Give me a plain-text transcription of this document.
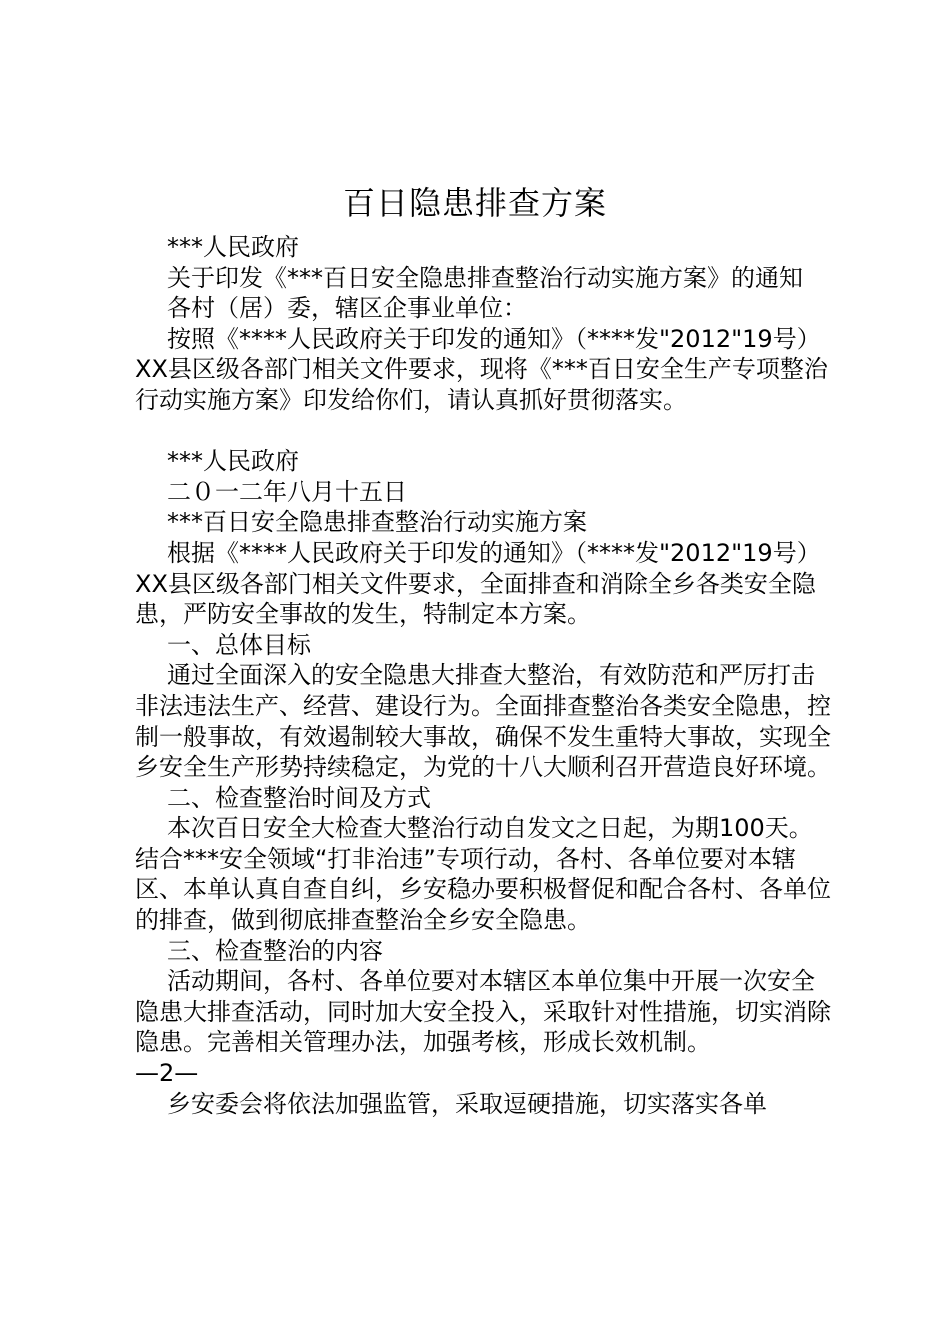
百日隐患排查方案

***人民政府

关于印发《***百日安全隐患排查整治行动实施方案》的通知

各村（居）委，辖区企事业单位：

按照《****人民政府关于印发的通知》（****发"2012"19号）XX县区级各部门相关文件要求，现将《***百日安全生产专项整治行动实施方案》印发给你们，请认真抓好贯彻落实。

***人民政府

二０一二年八月十五日

***百日安全隐患排查整治行动实施方案

根据《****人民政府关于印发的通知》（****发"2012"19号）XX县区级各部门相关文件要求，全面排查和消除全乡各类安全隐患，严防安全事故的发生，特制定本方案。

一、总体目标

通过全面深入的安全隐患大排查大整治，有效防范和严厉打击非法违法生产、经营、建设行为。全面排查整治各类安全隐患，控制一般事故，有效遏制较大事故，确保不发生重特大事故，实现全乡安全生产形势持续稳定，为党的十八大顺利召开营造良好环境。

二、检查整治时间及方式

本次百日安全大检查大整治行动自发文之日起，为期100天。结合***安全领域“打非治违”专项行动，各村、各单位要对本辖区、本单认真自查自纠，乡安稳办要积极督促和配合各村、各单位的排查，做到彻底排查整治全乡安全隐患。

三、检查整治的内容

活动期间，各村、各单位要对本辖区本单位集中开展一次安全隐患大排查活动，同时加大安全投入，采取针对性措施，切实消除隐患。完善相关管理办法，加强考核，形成长效机制。

—2—

乡安委会将依法加强监管，采取逗硬措施，切实落实各单
